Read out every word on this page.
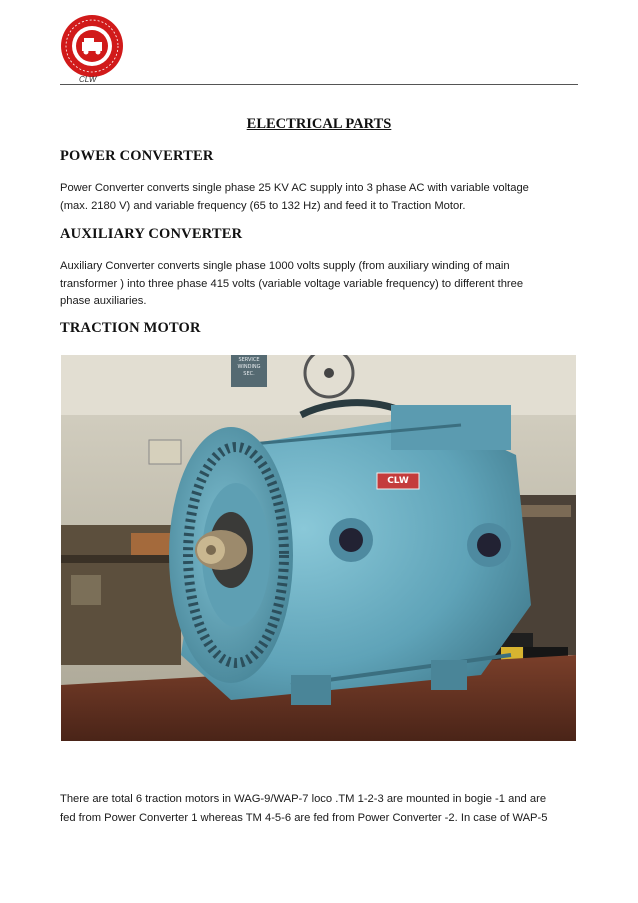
CLW
ELECTRICAL PARTS
POWER CONVERTER
Power Converter converts single phase 25 KV AC supply into 3 phase AC with variable voltage
(max. 2180 V) and variable frequency (65 to 132 Hz) and feed it to Traction Motor.
AUXILIARY CONVERTER
Auxiliary Converter converts single phase 1000 volts supply (from auxiliary winding of main
transformer ) into three phase 415 volts (variable voltage variable frequency) to different three
phase auxiliaries.
TRACTION MOTOR
SERVICE
WINDING SEC.
CLW
There are total 6 traction motors in WAG-9/WAP-7 loco .TM 1-2-3 are mounted in bogie -1 and are
fed from Power Converter 1 whereas TM 4-5-6 are fed from Power Converter -2. In case of WAP-5
